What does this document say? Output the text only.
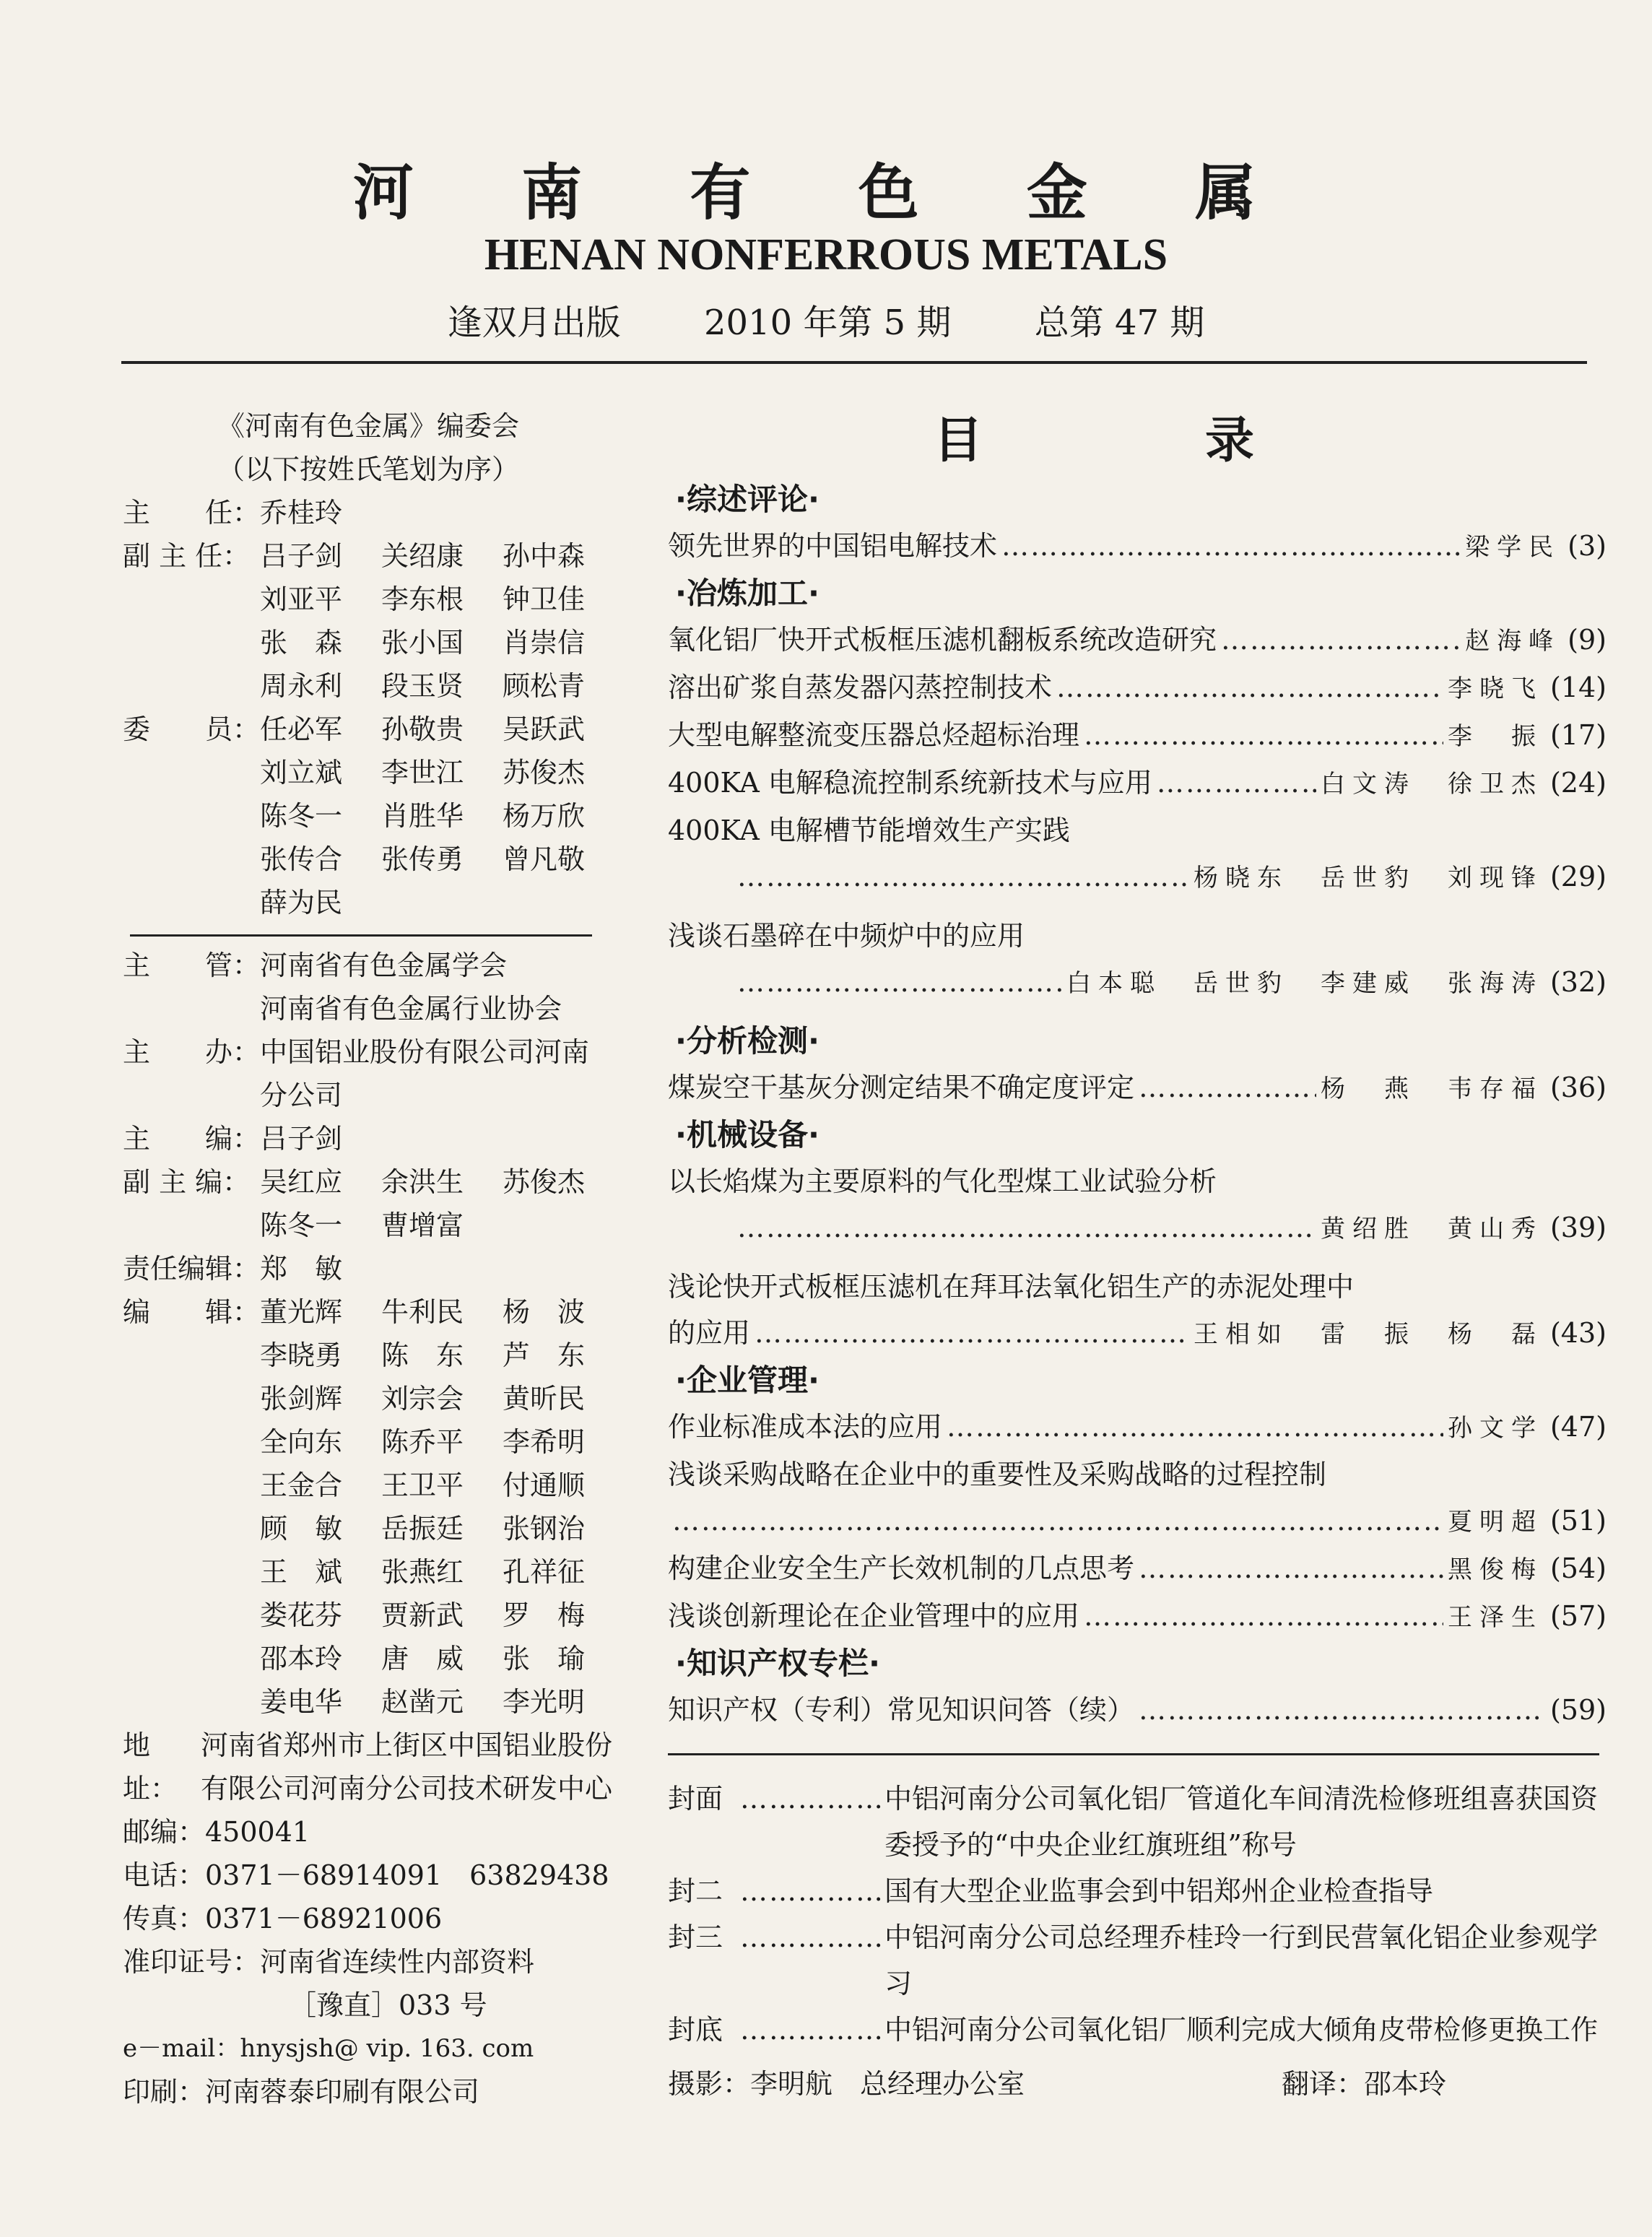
河 南 有 色 金 属
HENAN NONFERROUS METALS
逢双月出版 2010 年第 5 期 总第 47 期
《河南有色金属》编委会
（以下按姓氏笔划为序）
主　　任： 乔桂玲
副 主 任： 吕子剑	关绍康	孙中森
刘亚平	李东根	钟卫佳
张　森	张小国	肖崇信
周永利	段玉贤	顾松青
委　　员： 任必军	孙敬贵	吴跃武
刘立斌	李世江	苏俊杰
陈冬一	肖胜华	杨万欣
张传合	张传勇	曾凡敬
薛为民
主　　管： 河南省有色金属学会
河南省有色金属行业协会
主　　办： 中国铝业股份有限公司河南分公司
主　　编： 吕子剑
副 主 编： 吴红应	余洪生	苏俊杰
陈冬一	曹增富
责任编辑： 郑　敏
编　　辑： 董光辉	牛利民	杨　波
李晓勇	陈　东	芦　东
张剑辉	刘宗会	黄昕民
全向东	陈乔平	李希明
王金合	王卫平	付通顺
顾　敏	岳振廷	张钢治
王　斌	张燕红	孔祥征
娄花芬	贾新武	罗　梅
邵本玲	唐　威	张　瑜
姜电华	赵凿元	李光明
地址：
河南省郑州市上街区中国铝业股份有限公司河南分公司技术研发中心
邮编：450041
电话：0371－68914091　63829438
传真：0371－68921006
准印证号： 河南省连续性内部资料
［豫直］033 号
e－mail：hnysjsh@ vip. 163. com
印刷：河南蓉泰印刷有限公司
目　录
·综述评论·
领先世界的中国铝电解技术 ……………………………………………………………………………………………………………………………………………	梁学民 (3)
·冶炼加工·
氧化铝厂快开式板框压滤机翻板系统改造研究 ……………………………………………………………………………………………………………………………………………	赵海峰 (9)
溶出矿浆自蒸发器闪蒸控制技术 ……………………………………………………………………………………………………………………………………………	李晓飞 (14)
大型电解整流变压器总烃超标治理 ……………………………………………………………………………………………………………………………………………	李　振 (17)
400KA 电解稳流控制系统新技术与应用 ……………………………………………………………………………………………………………………………………………	白文涛　徐卫杰 (24)
400KA 电解槽节能增效生产实践
……………………………………………………………………………………………………………………………………………
杨晓东　岳世豹　刘现锋 (29)
浅谈石墨碎在中频炉中的应用
……………………………………………………………………………………………………………………………………………
白本聪　岳世豹　李建威　张海涛 (32)
·分析检测·
煤炭空干基灰分测定结果不确定度评定 ……………………………………………………………………………………………………………………………………………	杨　燕　韦存福 (36)
·机械设备·
以长焰煤为主要原料的气化型煤工业试验分析
……………………………………………………………………………………………………………………………………………
黄绍胜　黄山秀 (39)
浅论快开式板框压滤机在拜耳法氧化铝生产的赤泥处理中
的应用 ……………………………………………………………………………………………………………………………………………	王相如　雷　振　杨　磊 (43)
·企业管理·
作业标准成本法的应用 ……………………………………………………………………………………………………………………………………………	孙文学 (47)
浅谈采购战略在企业中的重要性及采购战略的过程控制
……………………………………………………………………………………………………………………………………………
夏明超 (51)
构建企业安全生产长效机制的几点思考 ……………………………………………………………………………………………………………………………………………	黑俊梅 (54)
浅谈创新理论在企业管理中的应用 ……………………………………………………………………………………………………………………………………………	王泽生 (57)
·知识产权专栏·
知识产权（专利）常见知识问答（续） ……………………………………………………………………………………………………………………………………………	(59)
封面 …………………………………	中铝河南分公司氧化铝厂管道化车间清洗检修班组喜获国资委授予的“中央企业红旗班组”称号
封二 …………………………………	国有大型企业监事会到中铝郑州企业检查指导
封三 …………………………………	中铝河南分公司总经理乔桂玲一行到民营氧化铝企业参观学习
封底 …………………………………	中铝河南分公司氧化铝厂顺利完成大倾角皮带检修更换工作
摄影：李明航　总经理办公室	翻译：邵本玲
